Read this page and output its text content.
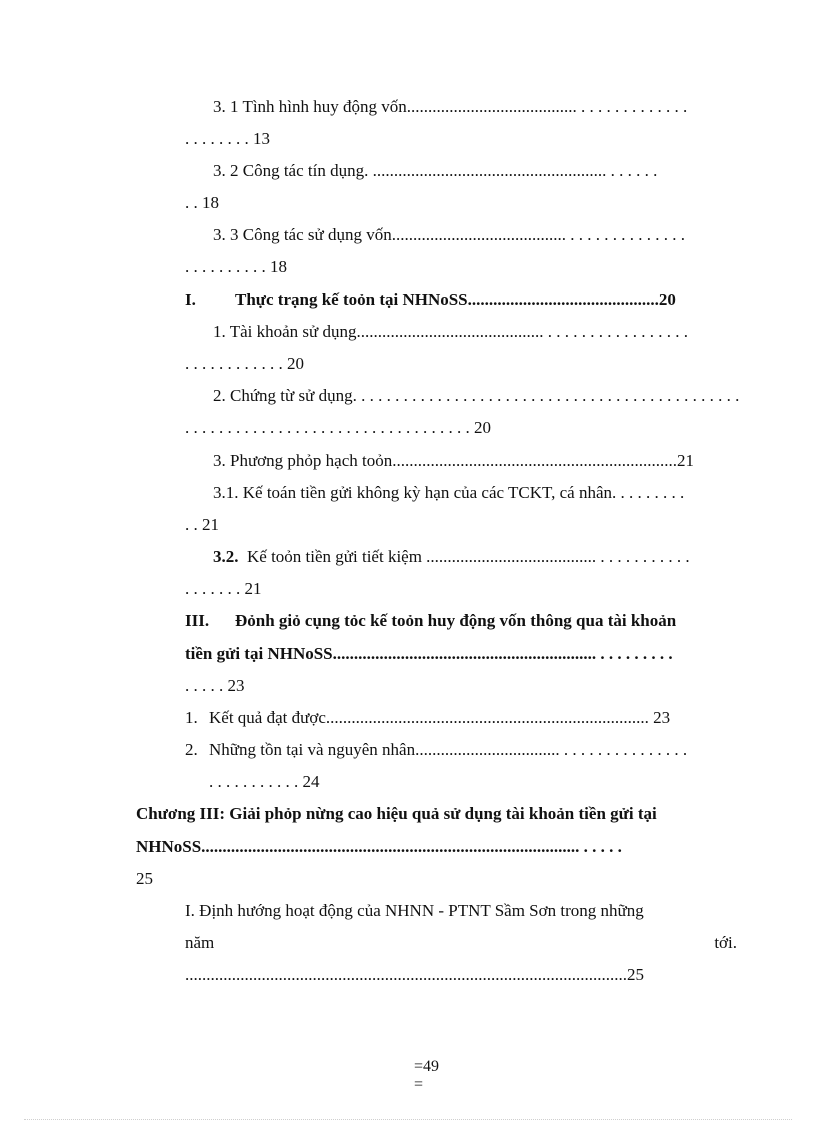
3. 1 Tình hình huy động vốn........................................ . . . . . . . . . . . . .
. . . . . . . . 13
3. 2 Công tác tín dụng. ....................................................... . . . . . .
. . 18
3. 3 Công tác sử dụng vốn......................................... . . . . . . . . . . . . . .
. . . . . . . . . . 18
I. Thực trạng kế toỏn tại NHNoSS.............................................20
1. Tài khoản sử dụng............................................ . . . . . . . . . . . . . . . . .
. . . . . . . . . . . . 20
2. Chứng từ sử dụng. . . . . . . . . . . . . . . . . . . . . . . . . . . . . . . . . . . . . . . . . . . . . .
. . . . . . . . . . . . . . . . . . . . . . . . . . . . . . . . . . 20
3. Phương phỏp hạch toỏn...................................................................21
3.1. Kế toán tiền gửi không kỳ hạn của các TCKT, cá nhân. . . . . . . . .
. . 21
3.2. Kế toỏn tiền gửi tiết kiệm ........................................ . . . . . . . . . . .
. . . . . . . 21
III. Đỏnh giỏ cụng tỏc kế toỏn huy động vốn thông qua tài khoản
tiền gửi tại NHNoSS.............................................................. . . . . . . . . .
. . . . . 23
1. Kết quả đạt được............................................................................ 23
2. Những tồn tại và nguyên nhân.................................. . . . . . . . . . . . . . . .
. . . . . . . . . . . 24
Chương III: Giải phỏp nừng cao hiệu quả sử dụng tài khoản tiền gửi tại
NHNoSS......................................................................................... . . . . .
25
I. Định hướng hoạt động của NHNN - PTNT Sầm Sơn trong những
năm	tới.
........................................................................................................25
=49
=
